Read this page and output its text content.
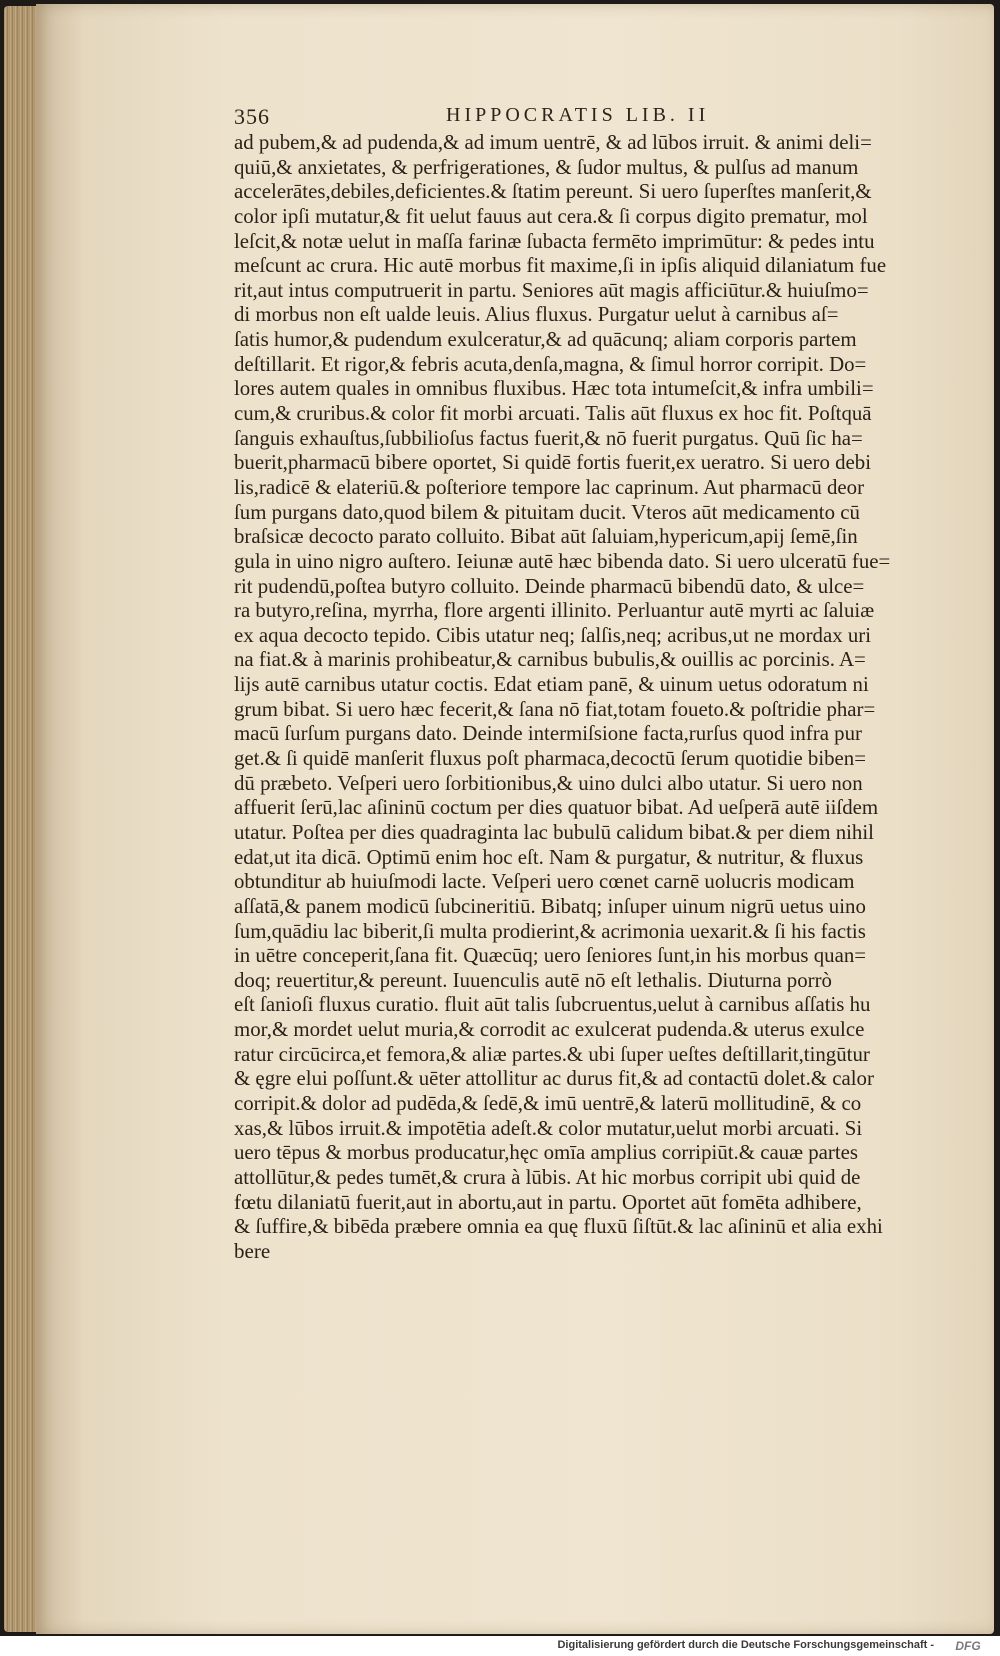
356	HIPPOCRATIS LIB. II
ad pubem,& ad pudenda,& ad imum uentrē, & ad lūbos irruit. & animi deli=
quiū,& anxietates, & perfrigerationes, & ſudor multus, & pulſus ad manum
accelerātes,debiles,deficientes.& ſtatim pereunt. Si uero ſuperſtes manſerit,&
color ipſi mutatur,& fit uelut fauus aut cera.& ſi corpus digito prematur, mol
leſcit,& notæ uelut in maſſa farinæ ſubacta fermēto imprimūtur: & pedes intu
meſcunt ac crura. Hic autē morbus fit maxime,ſi in ipſis aliquid dilaniatum fue
rit,aut intus computruerit in partu. Seniores aūt magis afficiūtur.& huiuſmo=
di morbus non eſt ualde leuis. Alius fluxus. Purgatur uelut à carnibus aſ=
ſatis humor,& pudendum exulceratur,& ad quācunq; aliam corporis partem
deſtillarit. Et rigor,& febris acuta,denſa,magna, & ſimul horror corripit. Do=
lores autem quales in omnibus fluxibus. Hæc tota intumeſcit,& infra umbili=
cum,& cruribus.& color fit morbi arcuati. Talis aūt fluxus ex hoc fit. Poſtquā
ſanguis exhauſtus,ſubbilioſus factus fuerit,& nō fuerit purgatus. Quū ſic ha=
buerit,pharmacū bibere oportet, Si quidē fortis fuerit,ex ueratro. Si uero debi
lis,radicē & elateriū.& poſteriore tempore lac caprinum. Aut pharmacū deor
ſum purgans dato,quod bilem & pituitam ducit. Vteros aūt medicamento cū
braſsicæ decocto parato colluito. Bibat aūt ſaluiam,hypericum,apij ſemē,ſin
gula in uino nigro auſtero. Ieiunæ autē hæc bibenda dato. Si uero ulceratū fue=
rit pudendū,poſtea butyro colluito. Deinde pharmacū bibendū dato, & ulce=
ra butyro,reſina, myrrha, flore argenti illinito. Perluantur autē myrti ac ſaluiæ
ex aqua decocto tepido. Cibis utatur neq; ſalſis,neq; acribus,ut ne mordax uri
na fiat.& à marinis prohibeatur,& carnibus bubulis,& ouillis ac porcinis. A=
lijs autē carnibus utatur coctis. Edat etiam panē, & uinum uetus odoratum ni
grum bibat. Si uero hæc fecerit,& ſana nō fiat,totam foueto.& poſtridie phar=
macū ſurſum purgans dato. Deinde intermiſsione facta,rurſus quod infra pur
get.& ſi quidē manſerit fluxus poſt pharmaca,decoctū ſerum quotidie biben=
dū præbeto. Veſperi uero ſorbitionibus,& uino dulci albo utatur. Si uero non
affuerit ſerū,lac aſininū coctum per dies quatuor bibat. Ad ueſperā autē iiſdem
utatur. Poſtea per dies quadraginta lac bubulū calidum bibat.& per diem nihil
edat,ut ita dicā. Optimū enim hoc eſt. Nam & purgatur, & nutritur, & fluxus
obtunditur ab huiuſmodi lacte. Veſperi uero cœnet carnē uolucris modicam
aſſatā,& panem modicū ſubcineritiū. Bibatq; inſuper uinum nigrū uetus uino
ſum,quādiu lac biberit,ſi multa prodierint,& acrimonia uexarit.& ſi his factis
in uētre conceperit,ſana fit. Quæcūq; uero ſeniores ſunt,in his morbus quan=
doq; reuertitur,& pereunt. Iuuenculis autē nō eſt lethalis. Diuturna porrò
eſt ſanioſi fluxus curatio. fluit aūt talis ſubcruentus,uelut à carnibus aſſatis hu
mor,& mordet uelut muria,& corrodit ac exulcerat pudenda.& uterus exulce
ratur circūcirca,et femora,& aliæ partes.& ubi ſuper ueſtes deſtillarit,tingūtur
& ęgre elui poſſunt.& uēter attollitur ac durus fit,& ad contactū dolet.& calor
corripit.& dolor ad pudēda,& ſedē,& imū uentrē,& laterū mollitudinē, & co
xas,& lūbos irruit.& impotētia adeſt.& color mutatur,uelut morbi arcuati. Si
uero tēpus & morbus producatur,hęc omīa amplius corripiūt.& cauæ partes
attollūtur,& pedes tumēt,& crura à lūbis. At hic morbus corripit ubi quid de
fœtu dilaniatū fuerit,aut in abortu,aut in partu. Oportet aūt fomēta adhibere,
& ſuffire,& bibēda præbere omnia ea quę fluxū ſiſtūt.& lac aſininū et alia exhi
bere
Digitalisierung gefördert durch die Deutsche Forschungsgemeinschaft -	DFG
